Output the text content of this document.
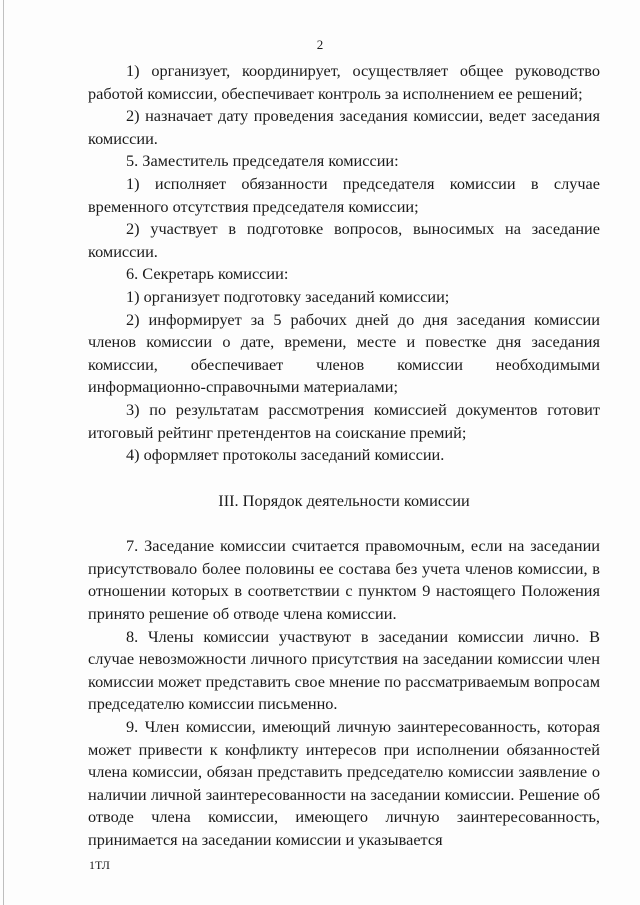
2

1) организует, координирует, осуществляет общее руководство работой комиссии, обеспечивает контроль за исполнением ее решений;

2) назначает дату проведения заседания комиссии, ведет заседания комиссии.

5. Заместитель председателя комиссии:

1) исполняет обязанности председателя комиссии в случае временного отсутствия председателя комиссии;

2) участвует в подготовке вопросов, выносимых на заседание комиссии.

6. Секретарь комиссии:

1) организует подготовку заседаний комиссии;

2) информирует за 5 рабочих дней до дня заседания комиссии членов комиссии о дате, времени, месте и повестке дня заседания комиссии, обеспечивает членов комиссии необходимыми информационно-справочными материалами;

3) по результатам рассмотрения комиссией документов готовит итоговый рейтинг претендентов на соискание премий;

4) оформляет протоколы заседаний комиссии.

III. Порядок деятельности комиссии

7. Заседание комиссии считается правомочным, если на заседании присутствовало более половины ее состава без учета членов комиссии, в отношении которых в соответствии с пунктом 9 настоящего Положения принято решение об отводе члена комиссии.

8. Члены комиссии участвуют в заседании комиссии лично. В случае невозможности личного присутствия на заседании комиссии член комиссии может представить свое мнение по рассматриваемым вопросам председателю комиссии письменно.

9. Член комиссии, имеющий личную заинтересованность, которая может привести к конфликту интересов при исполнении обязанностей члена комиссии, обязан представить председателю комиссии заявление о наличии личной заинтересованности на заседании комиссии. Решение об отводе члена комиссии, имеющего личную заинтересованность, принимается на заседании комиссии и указывается

1ТЛ
